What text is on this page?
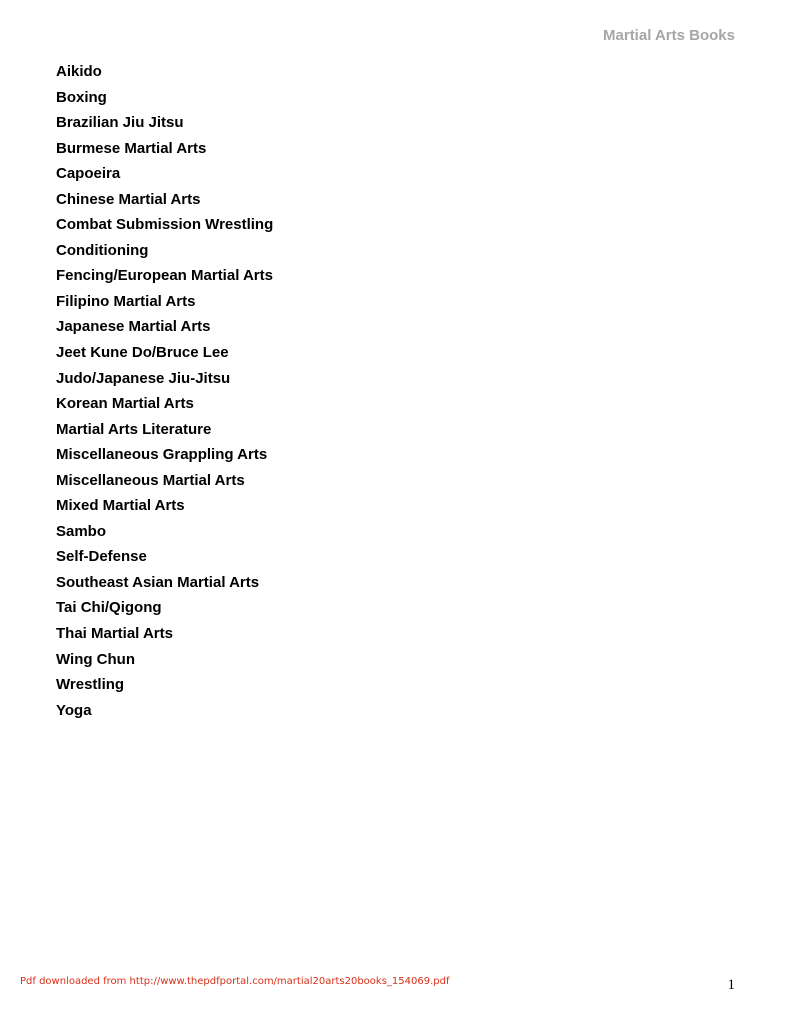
Martial Arts Books
Aikido
Boxing
Brazilian Jiu Jitsu
Burmese Martial Arts
Capoeira
Chinese Martial Arts
Combat Submission Wrestling
Conditioning
Fencing/European Martial Arts
Filipino Martial Arts
Japanese Martial Arts
Jeet Kune Do/Bruce Lee
Judo/Japanese Jiu-Jitsu
Korean Martial Arts
Martial Arts Literature
Miscellaneous Grappling Arts
Miscellaneous Martial Arts
Mixed Martial Arts
Sambo
Self-Defense
Southeast Asian Martial Arts
Tai Chi/Qigong
Thai Martial Arts
Wing Chun
Wrestling
Yoga
Pdf downloaded from http://www.thepdfportal.com/martial20arts20books_154069.pdf	1
